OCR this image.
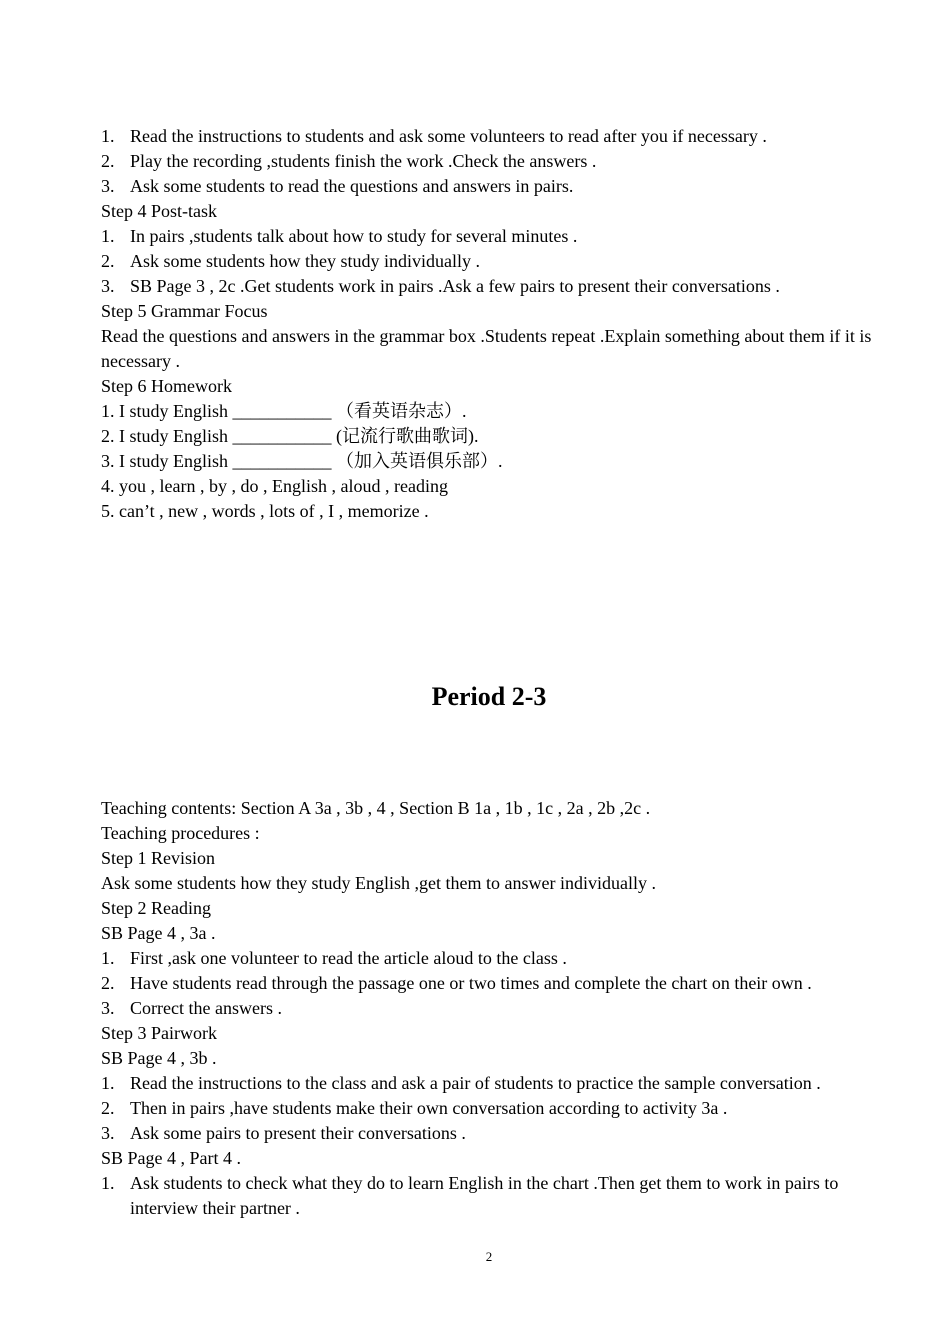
1. Read the instructions to students and ask some volunteers to read after you if necessary .
2. Play the recording ,students finish the work .Check the answers .
3. Ask some students to read the questions and answers in pairs.
Step 4 Post-task
1. In pairs ,students talk about how to study for several minutes .
2. Ask some students how they study individually .
3. SB Page 3 , 2c .Get students work in pairs .Ask a few pairs to present their conversations .
Step 5 Grammar Focus
Read the questions and answers in the grammar box .Students repeat .Explain something about them if it is necessary .
Step 6 Homework
1. I study English ___________ （看英语杂志）.
2. I study English ___________ (记流行歌曲歌词).
3. I study English ___________ （加入英语俱乐部）.
4. you , learn , by , do , English , aloud , reading
5. can’t , new , words , lots of , I , memorize .
Period 2-3
Teaching contents: Section A 3a , 3b , 4 , Section B 1a , 1b , 1c , 2a , 2b ,2c .
Teaching procedures :
Step 1 Revision
Ask some students how they study English ,get them to answer individually .
Step 2 Reading
SB Page 4 , 3a .
1. First ,ask one volunteer to read the article aloud to the class .
2. Have students read through the passage one or two times and complete the chart on their own .
3. Correct the answers .
Step 3 Pairwork
SB Page 4 , 3b .
1. Read the instructions to the class and ask a pair of students to practice the sample conversation .
2. Then in pairs ,have students make their own conversation according to activity 3a .
3. Ask some pairs to present their conversations .
SB Page 4 , Part 4 .
1. Ask students to check what they do to learn English in the chart .Then get them to work in pairs to interview their partner .
2
